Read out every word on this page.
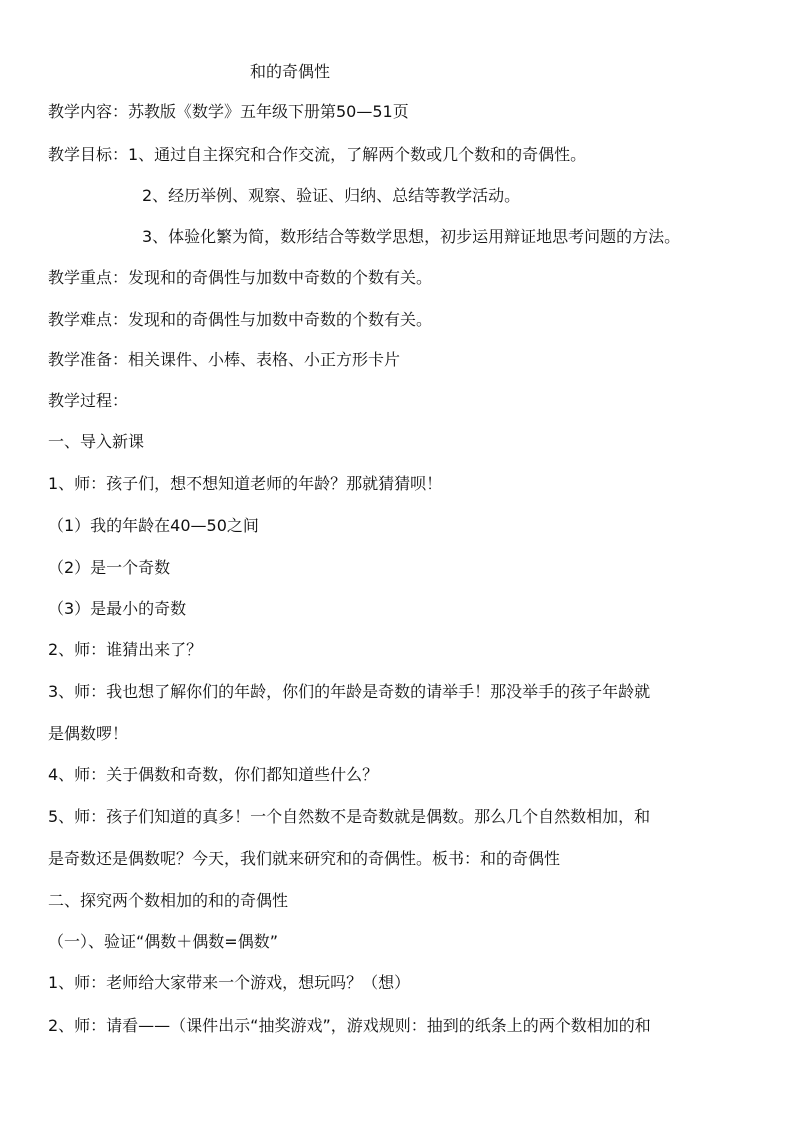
和的奇偶性
教学内容：苏教版《数学》五年级下册第50—51页
教学目标：1、通过自主探究和合作交流，了解两个数或几个数和的奇偶性。
2、经历举例、观察、验证、归纳、总结等教学活动。
3、体验化繁为简，数形结合等数学思想，初步运用辩证地思考问题的方法。
教学重点：发现和的奇偶性与加数中奇数的个数有关。
教学难点：发现和的奇偶性与加数中奇数的个数有关。
教学准备：相关课件、小棒、表格、小正方形卡片
教学过程：
一、导入新课
1、师：孩子们，想不想知道老师的年龄？那就猜猜呗！
（1）我的年龄在40—50之间
（2）是一个奇数
（3）是最小的奇数
2、师：谁猜出来了？
3、师：我也想了解你们的年龄，你们的年龄是奇数的请举手！那没举手的孩子年龄就
是偶数啰！
4、师：关于偶数和奇数，你们都知道些什么？
5、师：孩子们知道的真多！一个自然数不是奇数就是偶数。那么几个自然数相加，和
是奇数还是偶数呢？今天，我们就来研究和的奇偶性。板书：和的奇偶性
二、探究两个数相加的和的奇偶性
（一）、验证“偶数＋偶数=偶数”
1、师：老师给大家带来一个游戏，想玩吗？（想）
2、师：请看——（课件出示“抽奖游戏”，游戏规则：抽到的纸条上的两个数相加的和
